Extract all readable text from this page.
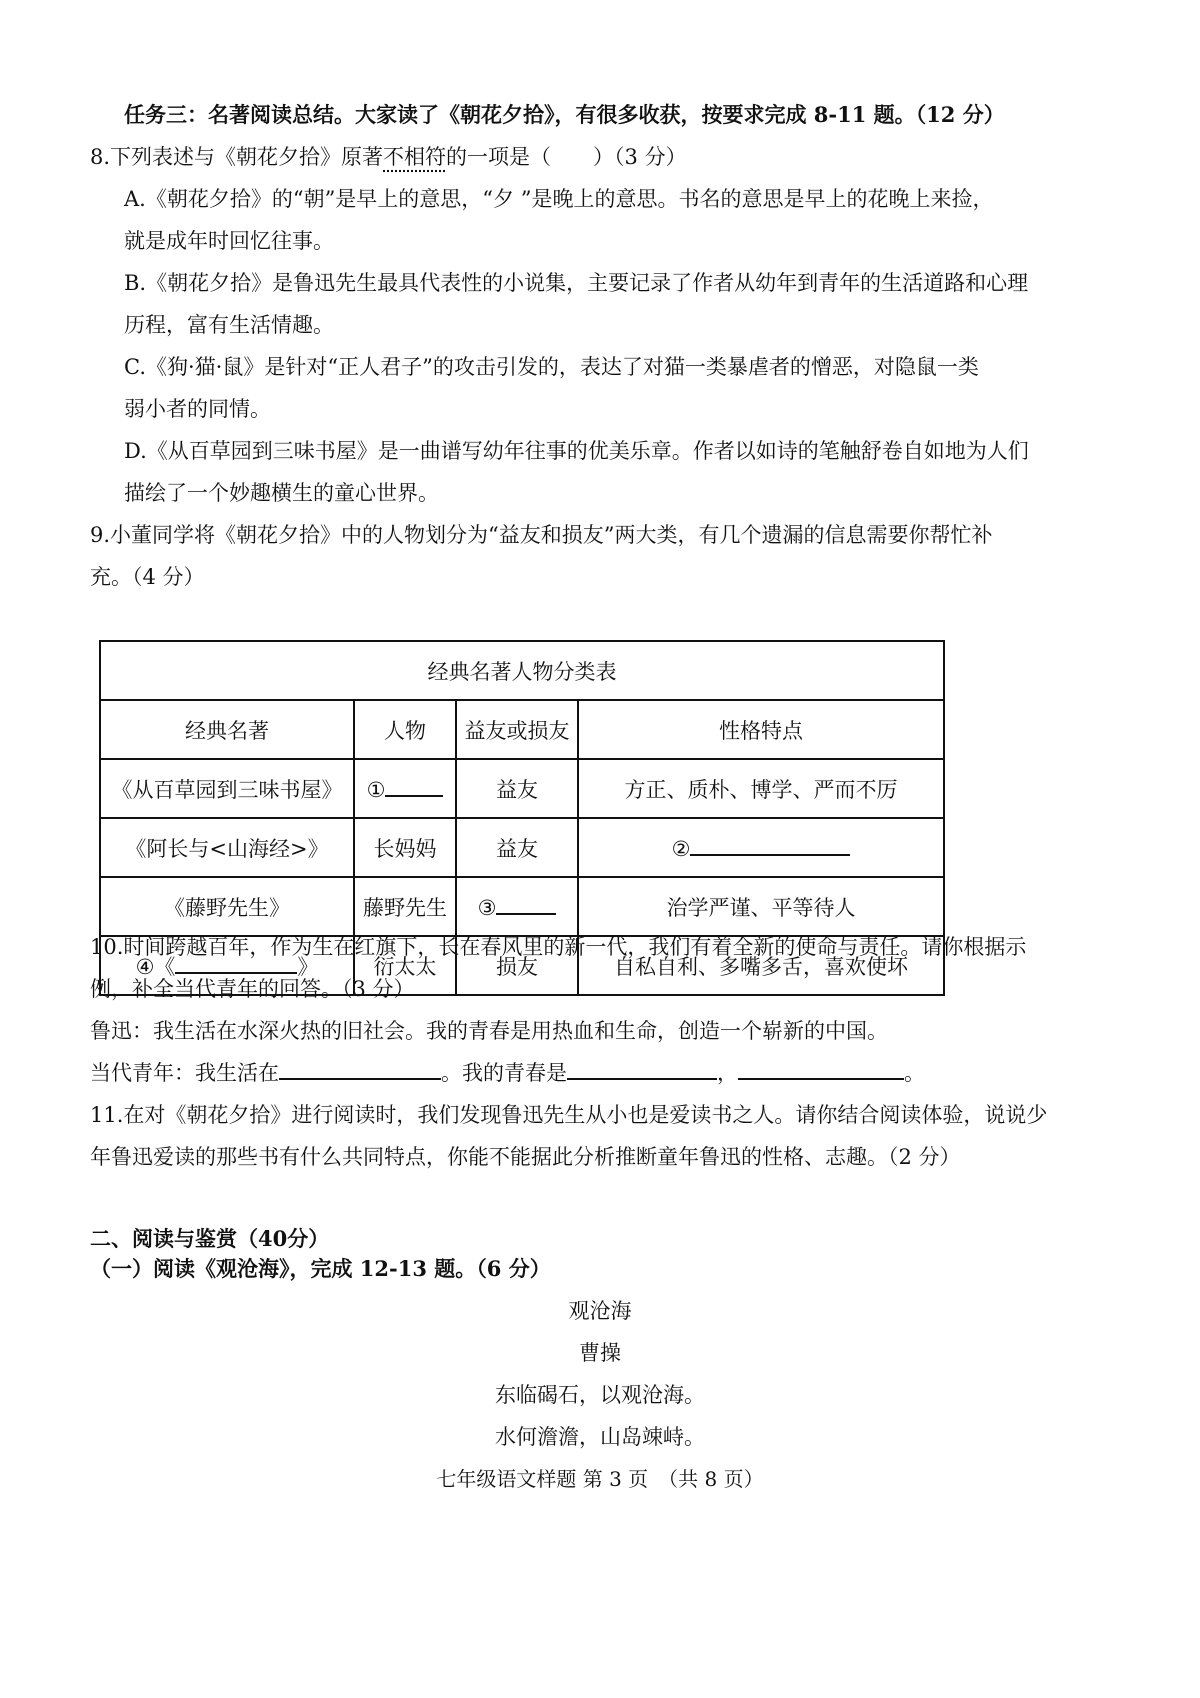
任务三：名著阅读总结。大家读了《朝花夕拾》，有很多收获，按要求完成 8-11 题。（12 分）
8.下列表述与《朝花夕拾》原著不相符的一项是（　　）（3 分）
A.《朝花夕拾》的“朝”是早上的意思，“夕 ”是晚上的意思。书名的意思是早上的花晚上来捡，
就是成年时回忆往事。
B.《朝花夕拾》是鲁迅先生最具代表性的小说集，主要记录了作者从幼年到青年的生活道路和心理
历程，富有生活情趣。
C.《狗·猫·鼠》是针对“正人君子”的攻击引发的，表达了对猫一类暴虐者的憎恶，对隐鼠一类
弱小者的同情。
D.《从百草园到三味书屋》是一曲谱写幼年往事的优美乐章。作者以如诗的笔触舒卷自如地为人们
描绘了一个妙趣横生的童心世界。
9.小董同学将《朝花夕拾》中的人物划分为“益友和损友”两大类，有几个遗漏的信息需要你帮忙补
充。（4 分）
经典名著人物分类表			
经典名著	人物	益友或损友	性格特点
《从百草园到三味书屋》	①	益友	方正、质朴、博学、严而不厉
《阿长与<山海经>》	长妈妈	益友	②
《藤野先生》	藤野先生	③	治学严谨、平等待人
④《 》	衍太太	损友	自私自利、多嘴多舌，喜欢使坏
10.时间跨越百年，作为生在红旗下，长在春风里的新一代，我们有着全新的使命与责任。请你根据示
例，补全当代青年的回答。（3 分）
鲁迅：我生活在水深火热的旧社会。我的青春是用热血和生命，创造一个崭新的中国。
当代青年：我生活在	。我的青春是	，	。
11.在对《朝花夕拾》进行阅读时，我们发现鲁迅先生从小也是爱读书之人。请你结合阅读体验，说说少
年鲁迅爱读的那些书有什么共同特点，你能不能据此分析推断童年鲁迅的性格、志趣。（2 分）
二、阅读与鉴赏（40分）
（一）阅读《观沧海》，完成 12-13 题。（6 分）
观沧海
曹操
东临碣石，以观沧海。
水何澹澹，山岛竦峙。
七年级语文样题 第 3 页　（共 8 页）
